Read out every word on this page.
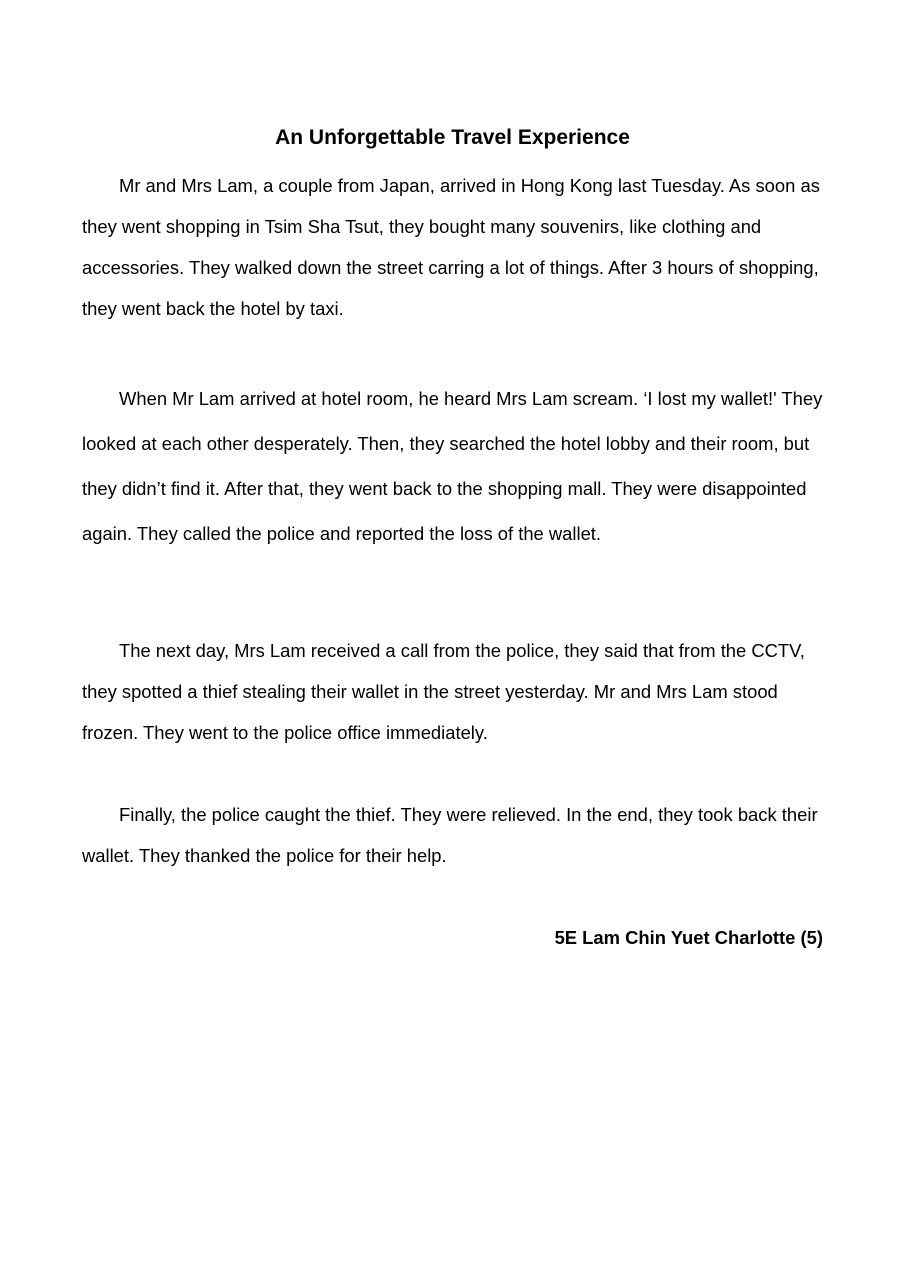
An Unforgettable Travel Experience

Mr and Mrs Lam, a couple from Japan, arrived in Hong Kong last Tuesday. As soon as they went shopping in Tsim Sha Tsut, they bought many souvenirs, like clothing and accessories. They walked down the street carring a lot of things. After 3 hours of shopping, they went back the hotel by taxi.

When Mr Lam arrived at hotel room, he heard Mrs Lam scream. ‘I lost my wallet!' They looked at each other desperately. Then, they searched the hotel lobby and their room, but they didn’t find it. After that, they went back to the shopping mall. They were disappointed again. They called the police and reported the loss of the wallet.

The next day, Mrs Lam received a call from the police, they said that from the CCTV, they spotted a thief stealing their wallet in the street yesterday. Mr and Mrs Lam stood frozen. They went to the police office immediately.

Finally, the police caught the thief. They were relieved. In the end, they took back their wallet. They thanked the police for their help.

5E Lam Chin Yuet Charlotte (5)
